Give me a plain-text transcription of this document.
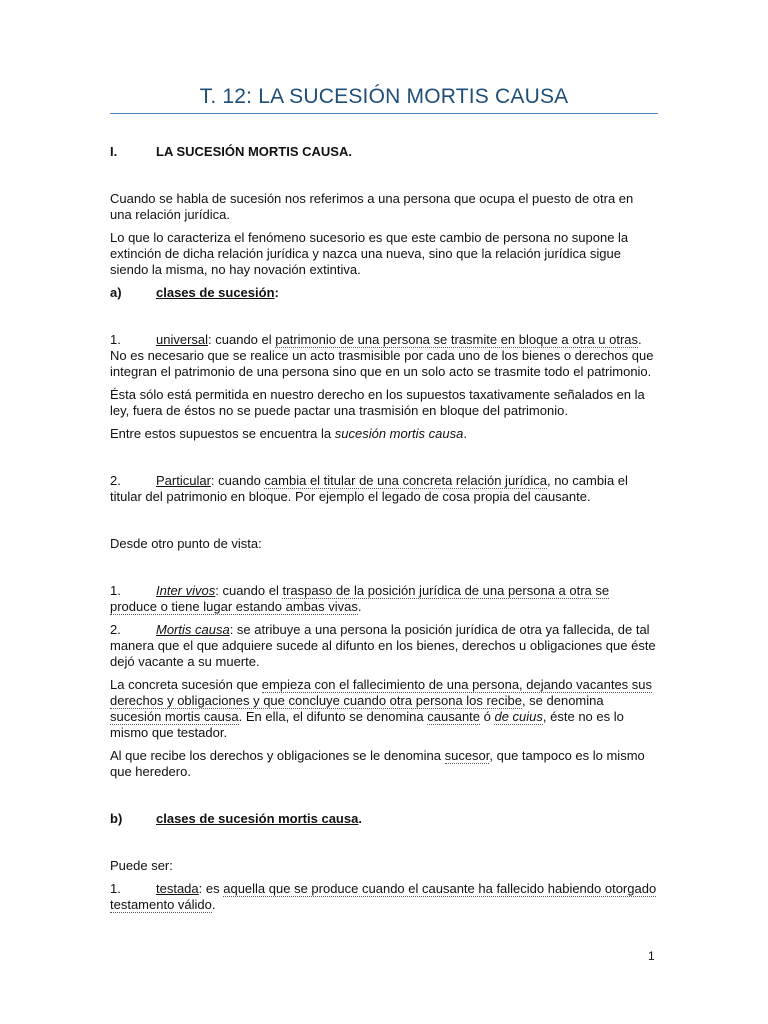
T. 12: LA SUCESIÓN MORTIS CAUSA

I.	LA SUCESIÓN MORTIS CAUSA.

Cuando se habla de sucesión nos referimos a una persona que ocupa el puesto de otra en una relación jurídica.

Lo que lo caracteriza el fenómeno sucesorio es que este cambio de persona no supone la extinción de dicha relación jurídica y nazca una nueva, sino que la relación jurídica sigue siendo la misma, no hay novación extintiva.

a)	clases de sucesión:

1.	universal: cuando el patrimonio de una persona se trasmite en bloque a otra u otras. No es necesario que se realice un acto trasmisible por cada uno de los bienes o derechos que integran el patrimonio de una persona sino que en un solo acto se trasmite todo el patrimonio.

Ésta sólo está permitida en nuestro derecho en los supuestos taxativamente señalados en la ley, fuera de éstos no se puede pactar una trasmisión en bloque del patrimonio.

Entre estos supuestos se encuentra la sucesión mortis causa.

2.	Particular: cuando cambia el titular de una concreta relación jurídica, no cambia el titular del patrimonio en bloque. Por ejemplo el legado de cosa propia del causante.

Desde otro punto de vista:

1.	Inter vivos: cuando el traspaso de la posición jurídica de una persona a otra se produce o tiene lugar estando ambas vivas.

2.	Mortis causa: se atribuye a una persona la posición jurídica de otra ya fallecida, de tal manera que el que adquiere sucede al difunto en los bienes, derechos u obligaciones que éste dejó vacante a su muerte.

La concreta sucesión que empieza con el fallecimiento de una persona, dejando vacantes sus derechos y obligaciones y que concluye cuando otra persona los recibe, se denomina sucesión mortis causa. En ella, el difunto se denomina causante ó de cuius, éste no es lo mismo que testador.

Al que recibe los derechos y obligaciones se le denomina sucesor, que tampoco es lo mismo que heredero.

b)	clases de sucesión mortis causa.

Puede ser:

1.	testada: es aquella que se produce cuando el causante ha fallecido habiendo otorgado testamento válido.

1
